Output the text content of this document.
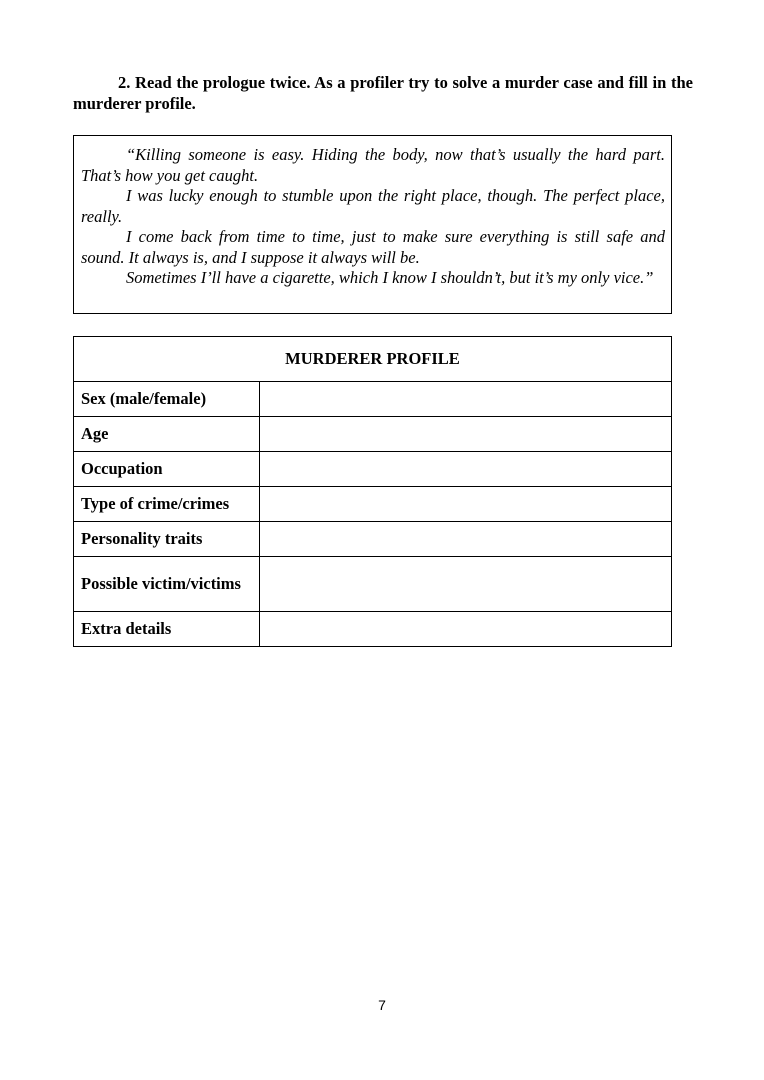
2. Read the prologue twice. As a profiler try to solve a murder case and fill in the murderer profile.

“Killing someone is easy. Hiding the body, now that’s usually the hard part. That’s how you get caught.

I was lucky enough to stumble upon the right place, though. The perfect place, really.

I come back from time to time, just to make sure everything is still safe and sound. It always is, and I suppose it always will be.

Sometimes I’ll have a cigarette, which I know I shouldn’t, but it’s my only vice.”

MURDERER PROFILE	
Sex (male/female)	
Age	
Occupation	
Type of crime/crimes	
Personality traits	
Possible victim/victims	
Extra details	
7
